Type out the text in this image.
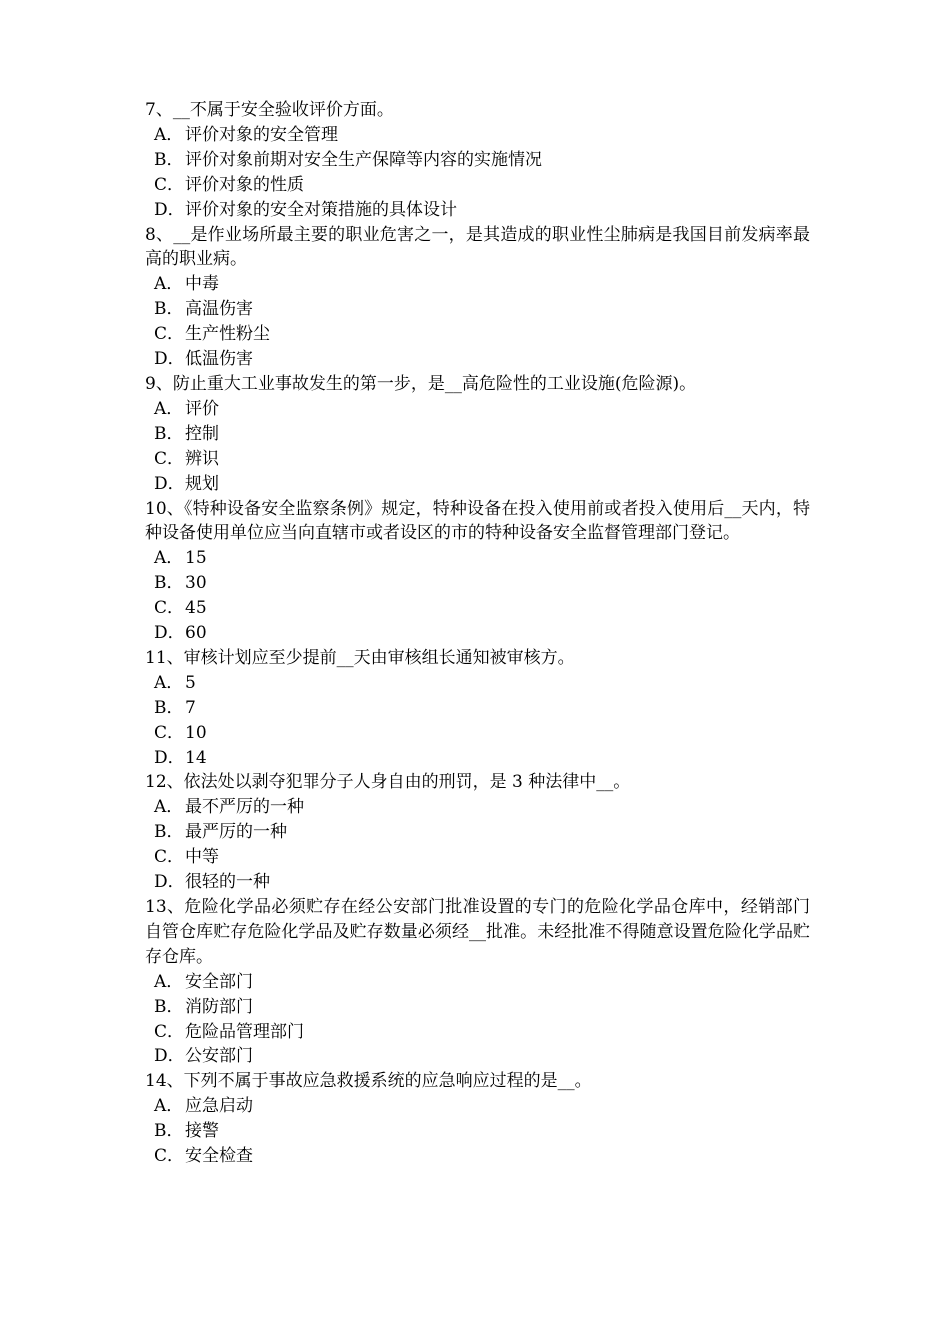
7、__不属于安全验收评价方面。

A． 评价对象的安全管理
B．评价对象前期对安全生产保障等内容的实施情况
C．评价对象的性质
D．评价对象的安全对策措施的具体设计

8、__是作业场所最主要的职业危害之一，是其造成的职业性尘肺病是我国目前发病率最高的职业病。

A． 中毒
B．高温伤害
C．生产性粉尘
D．低温伤害

9、防止重大工业事故发生的第一步，是__高危险性的工业设施(危险源)。

A． 评价
B．控制
C．辨识
D．规划

10、《特种设备安全监察条例》规定，特种设备在投入使用前或者投入使用后__天内，特种设备使用单位应当向直辖市或者设区的市的特种设备安全监督管理部门登记。

A． 15
B．30
C．45
D．60

11、审核计划应至少提前__天由审核组长通知被审核方。

A． 5
B．7
C．10
D．14

12、依法处以剥夺犯罪分子人身自由的刑罚，是 3 种法律中__。

A． 最不严厉的一种
B．最严厉的一种
C．中等
D．很轻的一种

13、危险化学品必须贮存在经公安部门批准设置的专门的危险化学品仓库中，经销部门自管仓库贮存危险化学品及贮存数量必须经__批准。未经批准不得随意设置危险化学品贮存仓库。

A． 安全部门
B．消防部门
C．危险品管理部门
D．公安部门

14、下列不属于事故应急救援系统的应急响应过程的是__。

A． 应急启动
B．接警
C．安全检查
